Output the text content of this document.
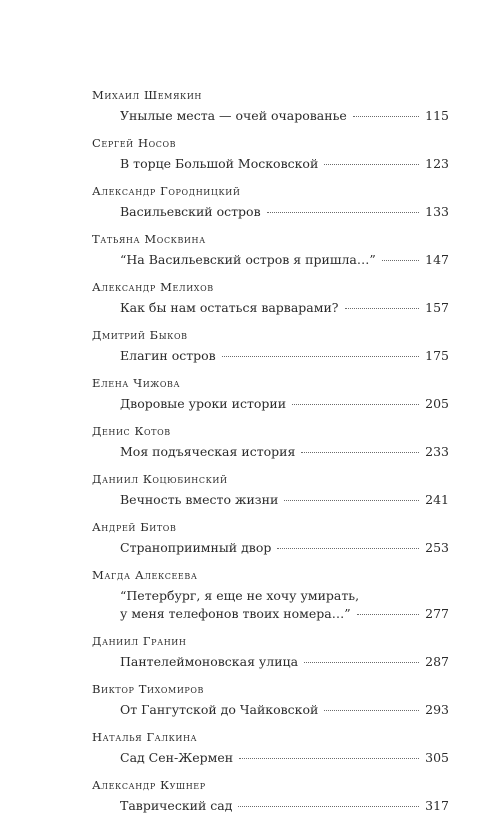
Михаил Шемякин
Унылые места — очей очарованье	115
Сергей Носов
В торце Большой Московской	123
Александр Городницкий
Васильевский остров	133
Татьяна Москвина
“На Васильевский остров я пришла…”	147
Александр Мелихов
Как бы нам остаться варварами?	157
Дмитрий Быков
Елагин остров	175
Елена Чижова
Дворовые уроки истории	205
Денис Котов
Моя подъячеcкая история	233
Даниил Коцюбинский
Вечность вместо жизни	241
Андрей Битов
Страноприимный двор	253
Магда Алексеева
“Петербург, я еще не хочу умирать,
у меня телефонов твоих номера…”	277
Даниил Гранин
Пантелеймоновская улица	287
Виктор Тихомиров
От Гангутской до Чайковской	293
Наталья Галкина
Сад Сен-Жермен	305
Александр Кушнер
Таврический сад	317
